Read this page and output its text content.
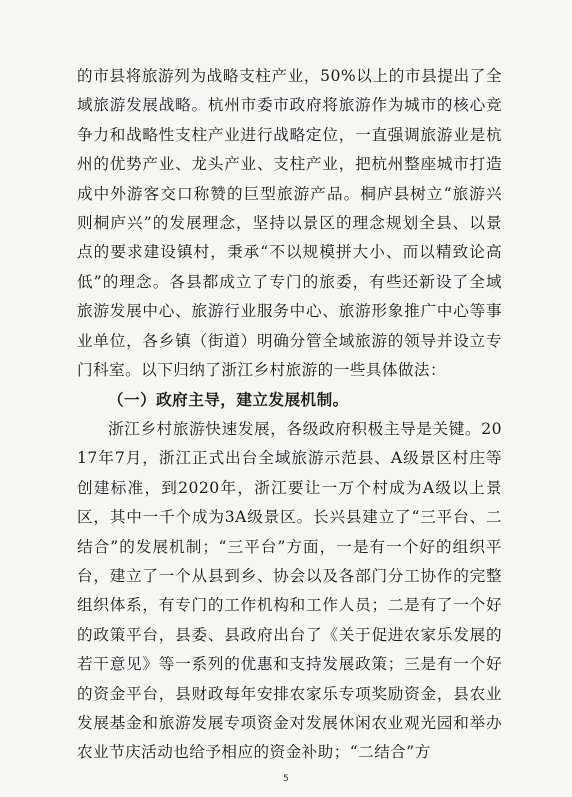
的市县将旅游列为战略支柱产业，50%以上的市县提出了全域旅游发展战略。杭州市委市政府将旅游作为城市的核心竞争力和战略性支柱产业进行战略定位，一直强调旅游业是杭州的优势产业、龙头产业、支柱产业，把杭州整座城市打造成中外游客交口称赞的巨型旅游产品。桐庐县树立“旅游兴则桐庐兴”的发展理念，坚持以景区的理念规划全县、以景点的要求建设镇村，秉承“不以规模拼大小、而以精致论高低”的理念。各县都成立了专门的旅委，有些还新设了全域旅游发展中心、旅游行业服务中心、旅游形象推广中心等事业单位，各乡镇（街道）明确分管全域旅游的领导并设立专门科室。以下归纳了浙江乡村旅游的一些具体做法：

（一）政府主导，建立发展机制。

浙江乡村旅游快速发展，各级政府积极主导是关键。2017年7月，浙江正式出台全域旅游示范县、A级景区村庄等创建标准，到2020年，浙江要让一万个村成为A级以上景区，其中一千个成为3A级景区。长兴县建立了“三平台、二结合”的发展机制；“三平台”方面，一是有一个好的组织平台，建立了一个从县到乡、协会以及各部门分工协作的完整组织体系，有专门的工作机构和工作人员；二是有了一个好的政策平台，县委、县政府出台了《关于促进农家乐发展的若干意见》等一系列的优惠和支持发展政策；三是有一个好的资金平台，县财政每年安排农家乐专项奖励资金，县农业发展基金和旅游发展专项资金对发展休闲农业观光园和举办农业节庆活动也给予相应的资金补助；“二结合”方

5
